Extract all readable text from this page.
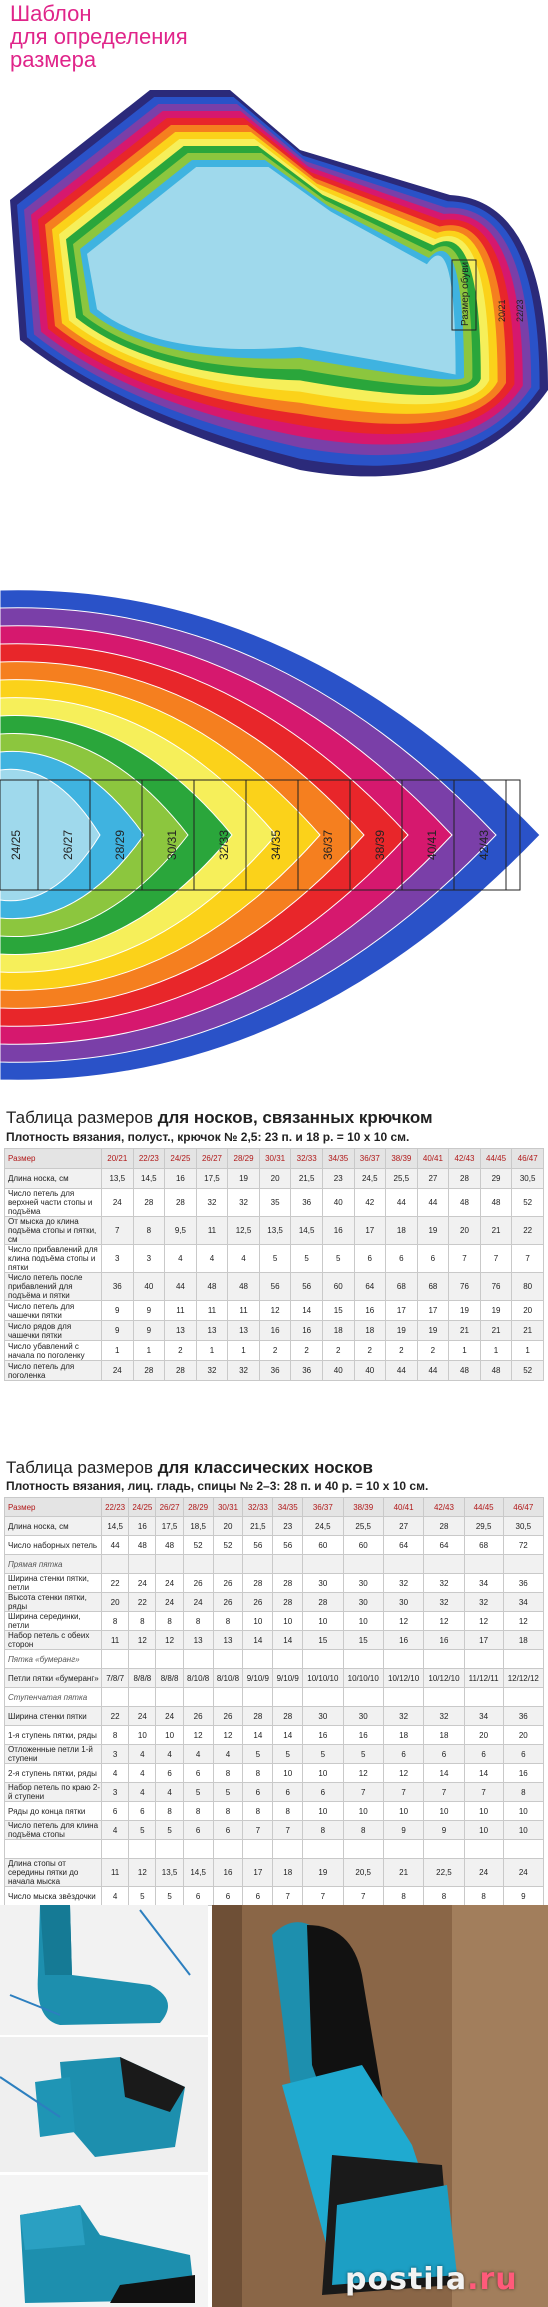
Шаблон
для определения
размера
Размер обуви	20/21 22/23
24/25	26/27	28/29	30/31	32/33	34/35	36/37	38/39	40/41	42/43
Таблица размеров для носков, связанных крючком
Плотность вязания, полуст., крючок № 2,5: 23 п. и 18 р. = 10 х 10 см.
Размер	20/21	22/23	24/25	26/27	28/29	30/31	32/33	34/35	36/37	38/39	40/41	42/43	44/45	46/47
Длина носка, см	13,5	14,5	16	17,5	19	20	21,5	23	24,5	25,5	27	28	29	30,5
Число петель для верхней части стопы и подъёма	24	28	28	32	32	35	36	40	42	44	44	48	48	52
От мыска до клина подъёма стопы и пятки, см	7	8	9,5	11	12,5	13,5	14,5	16	17	18	19	20	21	22
Число прибавлений для клина подъёма стопы и пятки	3	3	4	4	4	5	5	5	6	6	6	7	7	7
Число петель после прибавлений для подъёма и пятки	36	40	44	48	48	56	56	60	64	68	68	76	76	80
Число петель для чашечки пятки	9	9	11	11	11	12	14	15	16	17	17	19	19	20
Число рядов для чашечки пятки	9	9	13	13	13	16	16	18	18	19	19	21	21	21
Число убавлений с начала по поголенку	1	1	2	1	1	2	2	2	2	2	2	1	1	1
Число петель для поголенка	24	28	28	32	32	36	36	40	40	44	44	48	48	52
Таблица размеров для классических носков
Плотность вязания, лиц. гладь, спицы № 2–3: 28 п. и 40 р. = 10 х 10 см.
Размер	22/23	24/25	26/27	28/29	30/31	32/33	34/35	36/37	38/39	40/41	42/43	44/45	46/47
Длина носка, см	14,5	16	17,5	18,5	20	21,5	23	24,5	25,5	27	28	29,5	30,5
Число наборных петель	44	48	48	52	52	56	56	60	60	64	64	68	72
Прямая пятка													
Ширина стенки пятки, петли	22	24	24	26	26	28	28	30	30	32	32	34	36
Высота стенки пятки, ряды	20	22	24	24	26	26	28	28	30	30	32	32	34
Ширина серединки, петли	8	8	8	8	8	10	10	10	10	12	12	12	12
Набор петель с обеих сторон	11	12	12	13	13	14	14	15	15	16	16	17	18
Пятка «бумеранг»													
Петли пятки «бумеранг»	7/8/7	8/8/8	8/8/8	8/10/8	8/10/8	9/10/9	9/10/9	10/10/10	10/10/10	10/12/10	10/12/10	11/12/11	12/12/12
Ступенчатая пятка													
Ширина стенки пятки	22	24	24	26	26	28	28	30	30	32	32	34	36
1-я ступень пятки, ряды	8	10	10	12	12	14	14	16	16	18	18	20	20
Отложенные петли 1-й ступени	3	4	4	4	4	5	5	5	5	6	6	6	6
2-я ступень пятки, ряды	4	4	6	6	8	8	10	10	12	12	14	14	16
Набор петель по краю 2-й ступени	3	4	4	5	5	6	6	6	7	7	7	7	8
Ряды до конца пятки	6	6	8	8	8	8	8	10	10	10	10	10	10
Число петель для клина подъёма стопы	4	5	5	6	6	7	7	8	8	9	9	10	10

Длина стопы от середины пятки до начала мыска	11	12	13,5	14,5	16	17	18	19	20,5	21	22,5	24	24
Число мыска звёздочки	4	5	5	6	6	6	7	7	7	8	8	8	9
postila.ru
